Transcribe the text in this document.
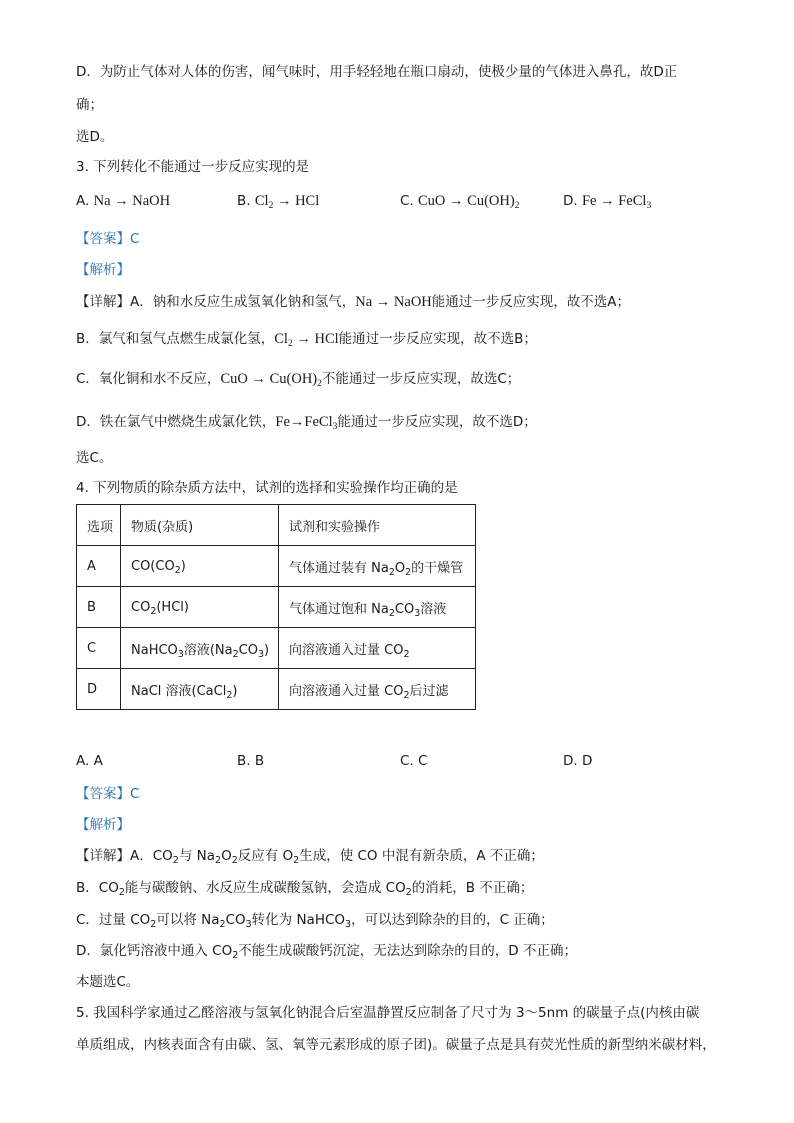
D．为防止气体对人体的伤害，闻气味时，用手轻轻地在瓶口扇动，使极少量的气体进入鼻孔，故D正
确；
选D。
3. 下列转化不能通过一步反应实现的是
A. Na → NaOH	B. $Cl_2$ → HCl	C. CuO → $Cu(OH)_2$	D. Fe → FeCl$_3$
【答案】C
【解析】
【详解】A．钠和水反应生成氢氧化钠和氢气，Na → NaOH能通过一步反应实现，故不选A；
B．氯气和氢气点燃生成氯化氢，$Cl_2$ → HCl能通过一步反应实现，故不选B；
C．氧化铜和水不反应，CuO → $Cu(OH)_2$不能通过一步反应实现，故选C；
D．铁在氯气中燃烧生成氯化铁，Fe→FeCl$_3$能通过一步反应实现，故不选D；
选C。
4. 下列物质的除杂质方法中，试剂的选择和实验操作均正确的是
选项	物质(杂质)	试剂和实验操作
A	$CO(CO_2)$	气体通过装有 $Na_2O_2$的干燥管
B	$CO_2(HCl)$	气体通过饱和 $Na_2CO_3$溶液
C	NaHCO$_3$溶液$(Na_2CO_3)$	向溶液通入过量 $CO_2$
D	NaCl 溶液(CaCl$_2$)	向溶液通入过量 $CO_2$后过滤
A. A	B. B	C. C	D. D
【答案】C
【解析】
【详解】A．$CO_2$与 $Na_2O_2$反应有 $O_2$生成，使 CO 中混有新杂质，A 不正确；
B．$CO_2$能与碳酸钠、水反应生成碳酸氢钠，会造成 $CO_2$的消耗，B 不正确；
C．过量 $CO_2$可以将 $Na_2CO_3$转化为 NaHCO$_3$，可以达到除杂的目的，C 正确；
D．氯化钙溶液中通入 $CO_2$不能生成碳酸钙沉淀，无法达到除杂的目的，D 不正确；
本题选C。
5. 我国科学家通过乙醛溶液与氢氧化钠混合后室温静置反应制备了尺寸为 3～5nm 的碳量子点(内核由碳
单质组成，内核表面含有由碳、氢、氧等元素形成的原子团)。碳量子点是具有荧光性质的新型纳米碳材料，
